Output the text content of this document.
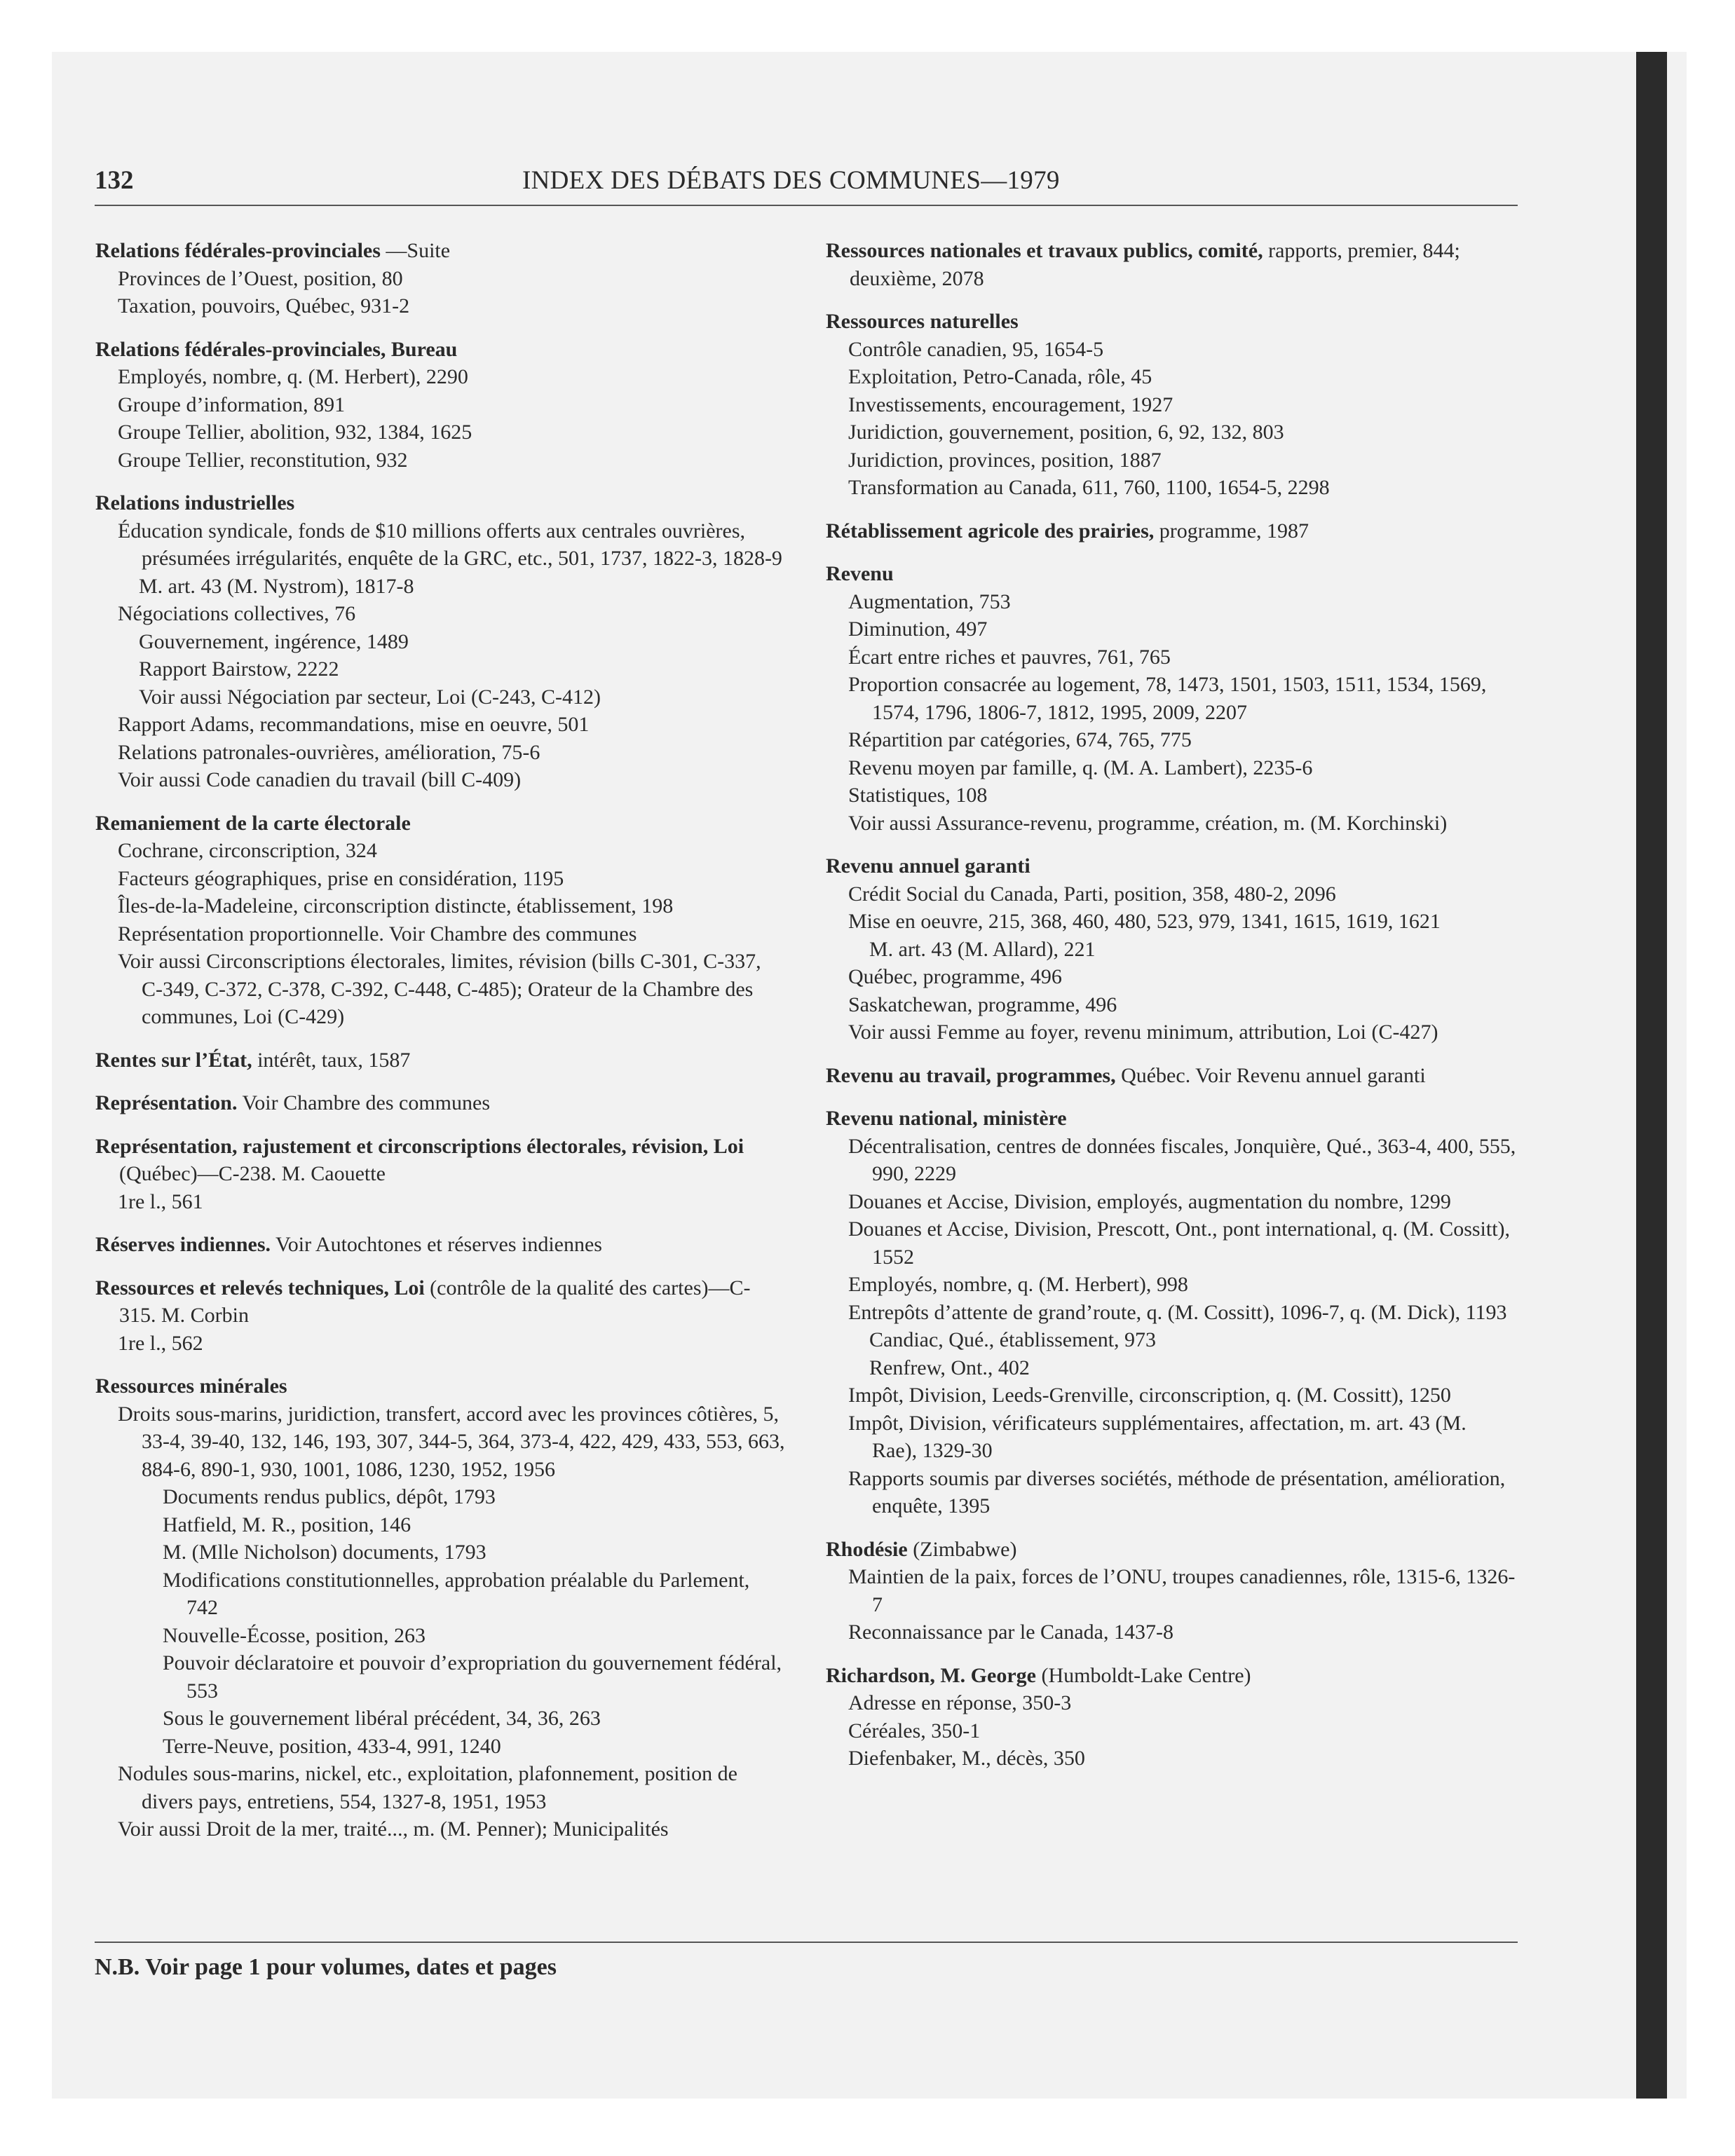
132	INDEX DES DÉBATS DES COMMUNES—1979
Relations fédérales-provinciales —Suite
Provinces de l’Ouest, position, 80
Taxation, pouvoirs, Québec, 931-2
Relations fédérales-provinciales, Bureau
Employés, nombre, q. (M. Herbert), 2290
Groupe d’information, 891
Groupe Tellier, abolition, 932, 1384, 1625
Groupe Tellier, reconstitution, 932
Relations industrielles
Éducation syndicale, fonds de $10 millions offerts aux centrales ouvrières, présumées irrégularités, enquête de la GRC, etc., 501, 1737, 1822-3, 1828-9
M. art. 43 (M. Nystrom), 1817-8
Négociations collectives, 76
Gouvernement, ingérence, 1489
Rapport Bairstow, 2222
Voir aussi Négociation par secteur, Loi (C-243, C-412)
Rapport Adams, recommandations, mise en oeuvre, 501
Relations patronales-ouvrières, amélioration, 75-6
Voir aussi Code canadien du travail (bill C-409)
Remaniement de la carte électorale
Cochrane, circonscription, 324
Facteurs géographiques, prise en considération, 1195
Îles-de-la-Madeleine, circonscription distincte, établissement, 198
Représentation proportionnelle. Voir Chambre des communes
Voir aussi Circonscriptions électorales, limites, révision (bills C-301, C-337, C-349, C-372, C-378, C-392, C-448, C-485); Orateur de la Chambre des communes, Loi (C-429)
Rentes sur l’État, intérêt, taux, 1587
Représentation. Voir Chambre des communes
Représentation, rajustement et circonscriptions électorales, révision, Loi (Québec)—C-238. M. Caouette
1re l., 561
Réserves indiennes. Voir Autochtones et réserves indiennes
Ressources et relevés techniques, Loi (contrôle de la qualité des cartes)—C-315. M. Corbin
1re l., 562
Ressources minérales
Droits sous-marins, juridiction, transfert, accord avec les provinces côtières, 5, 33-4, 39-40, 132, 146, 193, 307, 344-5, 364, 373-4, 422, 429, 433, 553, 663, 884-6, 890-1, 930, 1001, 1086, 1230, 1952, 1956
Documents rendus publics, dépôt, 1793
Hatfield, M. R., position, 146
M. (Mlle Nicholson) documents, 1793
Modifications constitutionnelles, approbation préalable du Parlement, 742
Nouvelle-Écosse, position, 263
Pouvoir déclaratoire et pouvoir d’expropriation du gouvernement fédéral, 553
Sous le gouvernement libéral précédent, 34, 36, 263
Terre-Neuve, position, 433-4, 991, 1240
Nodules sous-marins, nickel, etc., exploitation, plafonnement, position de divers pays, entretiens, 554, 1327-8, 1951, 1953
Voir aussi Droit de la mer, traité..., m. (M. Penner); Municipalités
Ressources nationales et travaux publics, comité, rapports, premier, 844; deuxième, 2078
Ressources naturelles
Contrôle canadien, 95, 1654-5
Exploitation, Petro-Canada, rôle, 45
Investissements, encouragement, 1927
Juridiction, gouvernement, position, 6, 92, 132, 803
Juridiction, provinces, position, 1887
Transformation au Canada, 611, 760, 1100, 1654-5, 2298
Rétablissement agricole des prairies, programme, 1987
Revenu
Augmentation, 753
Diminution, 497
Écart entre riches et pauvres, 761, 765
Proportion consacrée au logement, 78, 1473, 1501, 1503, 1511, 1534, 1569, 1574, 1796, 1806-7, 1812, 1995, 2009, 2207
Répartition par catégories, 674, 765, 775
Revenu moyen par famille, q. (M. A. Lambert), 2235-6
Statistiques, 108
Voir aussi Assurance-revenu, programme, création, m. (M. Korchinski)
Revenu annuel garanti
Crédit Social du Canada, Parti, position, 358, 480-2, 2096
Mise en oeuvre, 215, 368, 460, 480, 523, 979, 1341, 1615, 1619, 1621
M. art. 43 (M. Allard), 221
Québec, programme, 496
Saskatchewan, programme, 496
Voir aussi Femme au foyer, revenu minimum, attribution, Loi (C-427)
Revenu au travail, programmes, Québec. Voir Revenu annuel garanti
Revenu national, ministère
Décentralisation, centres de données fiscales, Jonquière, Qué., 363-4, 400, 555, 990, 2229
Douanes et Accise, Division, employés, augmentation du nombre, 1299
Douanes et Accise, Division, Prescott, Ont., pont international, q. (M. Cossitt), 1552
Employés, nombre, q. (M. Herbert), 998
Entrepôts d’attente de grand’route, q. (M. Cossitt), 1096-7, q. (M. Dick), 1193
Candiac, Qué., établissement, 973
Renfrew, Ont., 402
Impôt, Division, Leeds-Grenville, circonscription, q. (M. Cossitt), 1250
Impôt, Division, vérificateurs supplémentaires, affectation, m. art. 43 (M. Rae), 1329-30
Rapports soumis par diverses sociétés, méthode de présentation, amélioration, enquête, 1395
Rhodésie (Zimbabwe)
Maintien de la paix, forces de l’ONU, troupes canadiennes, rôle, 1315-6, 1326-7
Reconnaissance par le Canada, 1437-8
Richardson, M. George (Humboldt-Lake Centre)
Adresse en réponse, 350-3
Céréales, 350-1
Diefenbaker, M., décès, 350
N.B. Voir page 1 pour volumes, dates et pages
